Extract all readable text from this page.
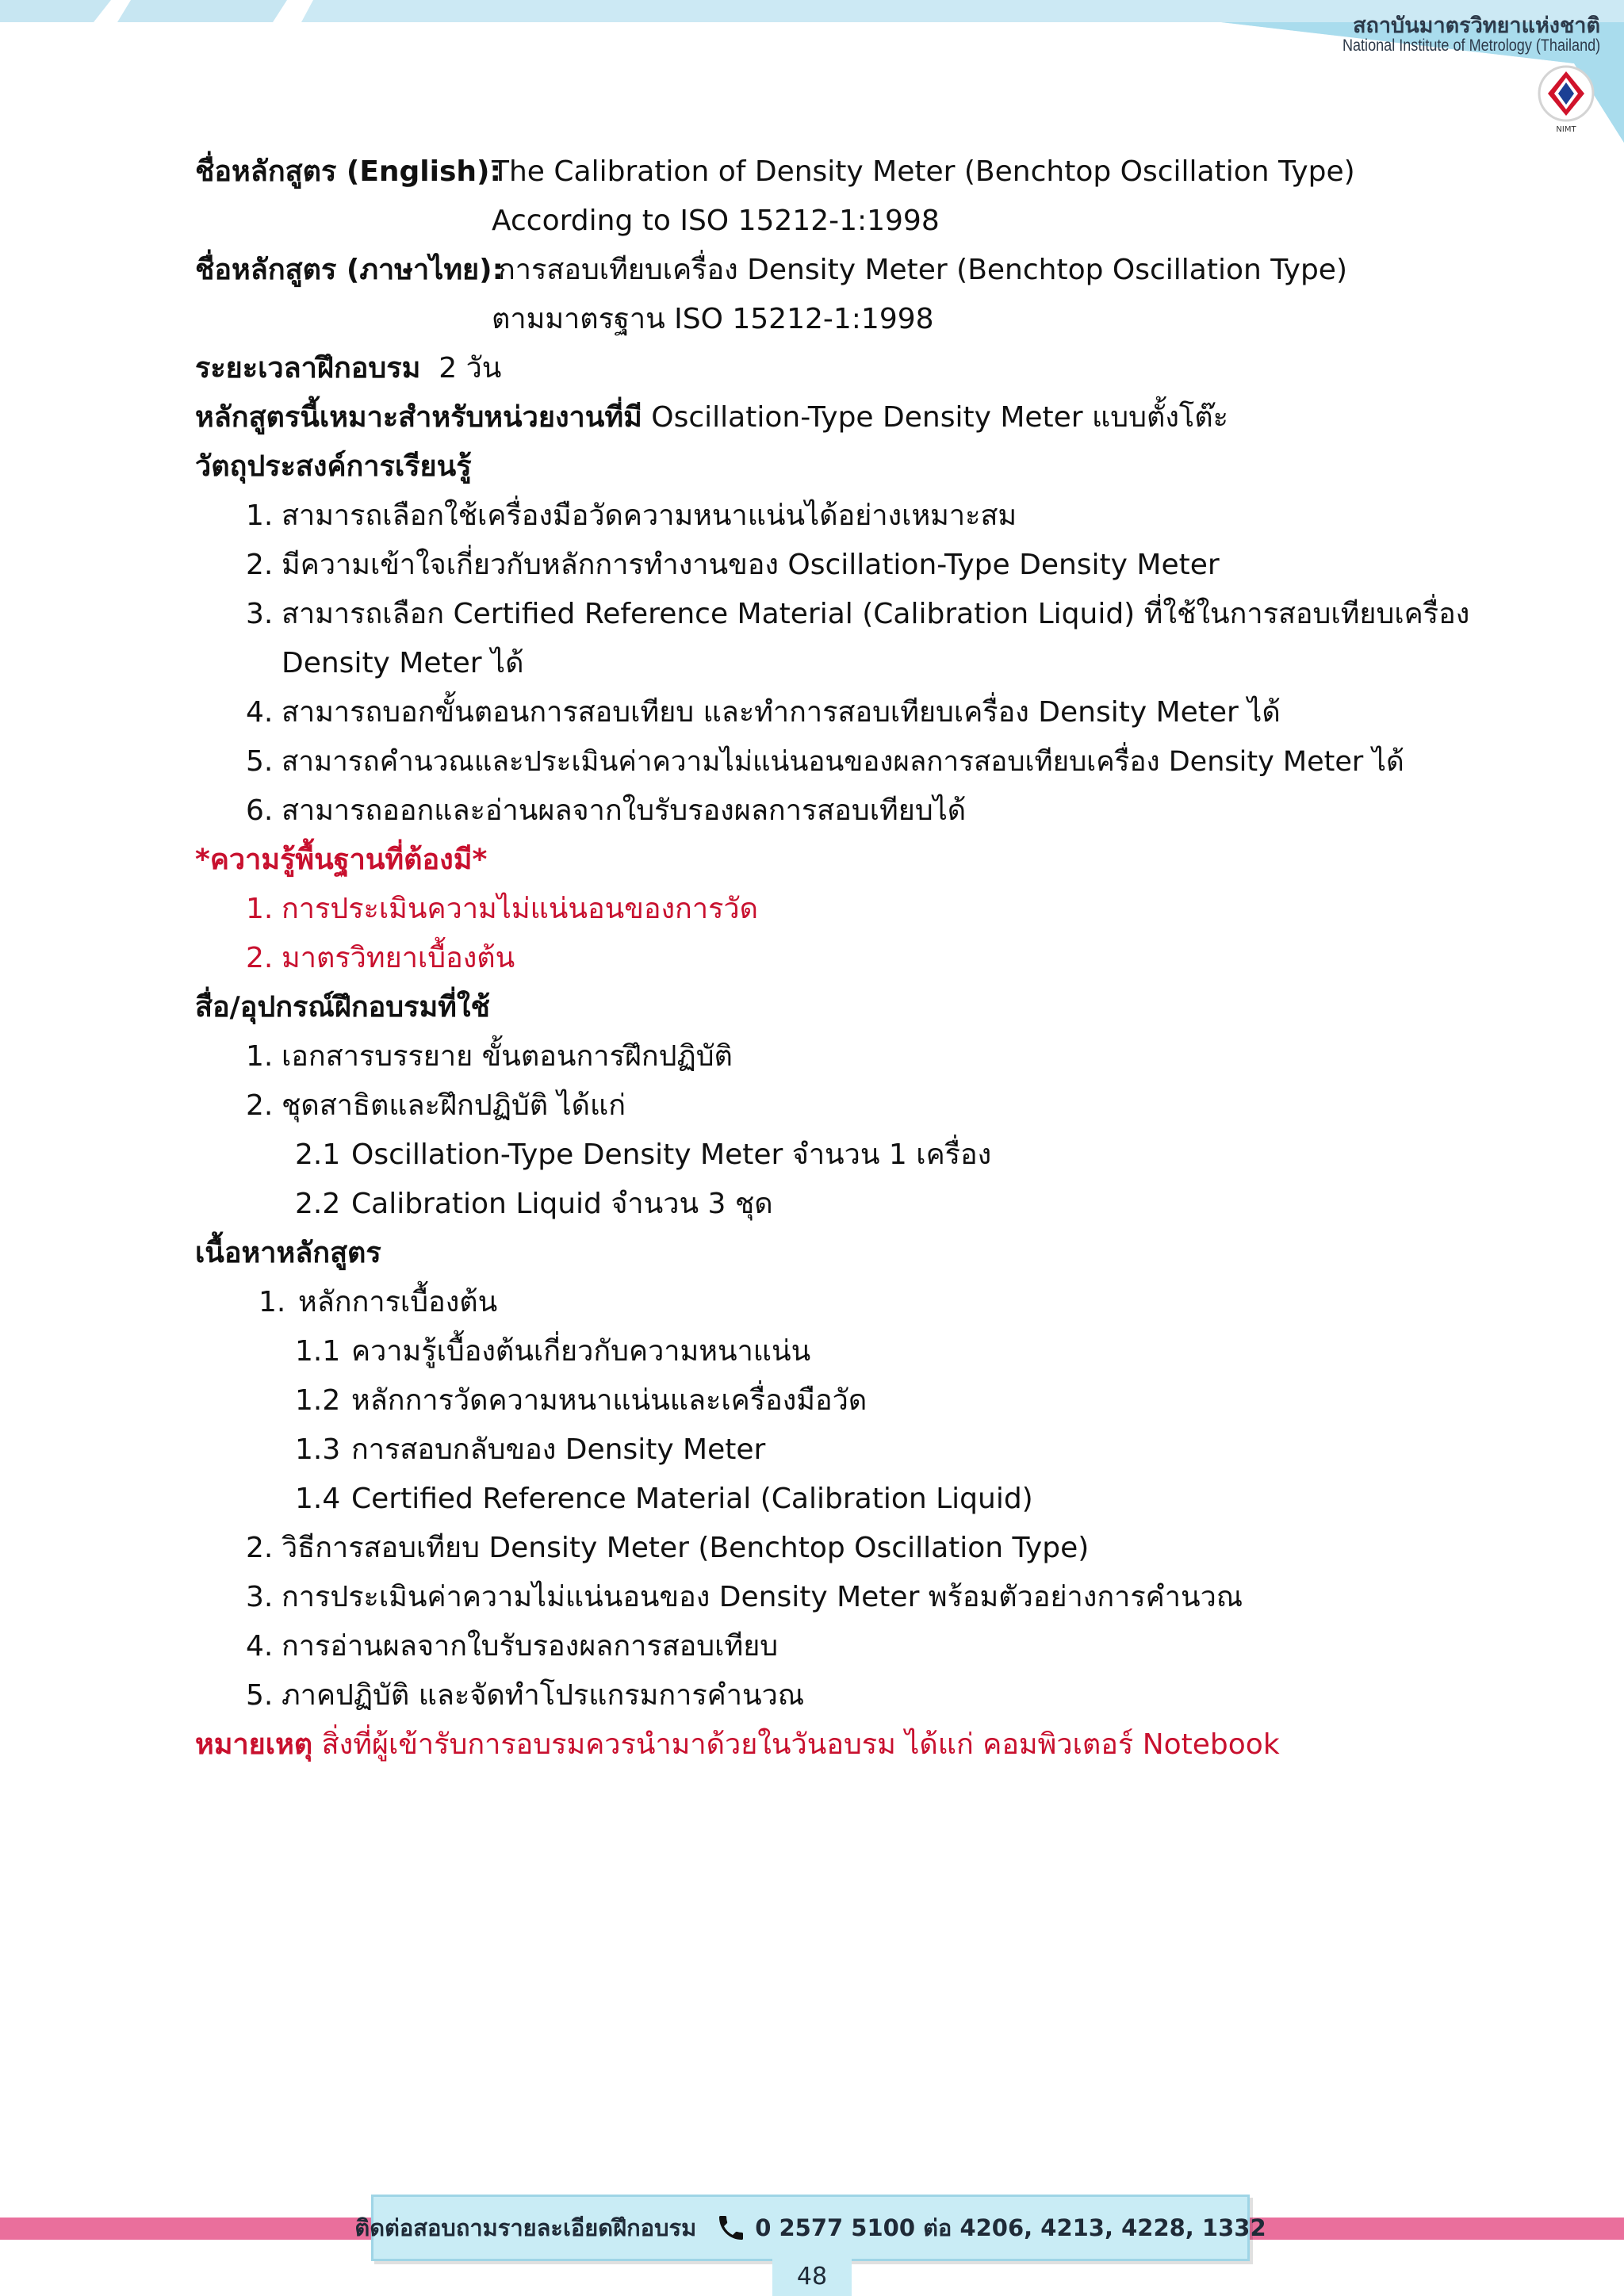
สถาบันมาตรวิทยาแห่งชาติ
National Institute of Metrology (Thailand)
NIMT
ชื่อหลักสูตร (English):
The Calibration of Density Meter (Benchtop Oscillation Type)
According to ISO 15212-1:1998
ชื่อหลักสูตร (ภาษาไทย):
การสอบเทียบเครื่อง Density Meter (Benchtop Oscillation Type)
ตามมาตรฐาน ISO 15212-1:1998
ระยะเวลาฝึกอบรม 2 วัน
หลักสูตรนี้เหมาะสำหรับหน่วยงานที่มี Oscillation-Type Density Meter แบบตั้งโต๊ะ
วัตถุประสงค์การเรียนรู้
1. สามารถเลือกใช้เครื่องมือวัดความหนาแน่นได้อย่างเหมาะสม
2. มีความเข้าใจเกี่ยวกับหลักการทำงานของ Oscillation-Type Density Meter
3. สามารถเลือก Certified Reference Material (Calibration Liquid) ที่ใช้ในการสอบเทียบเครื่อง
Density Meter ได้
4. สามารถบอกขั้นตอนการสอบเทียบ และทำการสอบเทียบเครื่อง Density Meter ได้
5. สามารถคำนวณและประเมินค่าความไม่แน่นอนของผลการสอบเทียบเครื่อง Density Meter ได้
6. สามารถออกและอ่านผลจากใบรับรองผลการสอบเทียบได้
*ความรู้พื้นฐานที่ต้องมี*
1. การประเมินความไม่แน่นอนของการวัด
2. มาตรวิทยาเบื้องต้น
สื่อ/อุปกรณ์ฝึกอบรมที่ใช้
1. เอกสารบรรยาย ขั้นตอนการฝึกปฏิบัติ
2. ชุดสาธิตและฝึกปฏิบัติ ได้แก่
2.1 Oscillation-Type Density Meter จำนวน 1 เครื่อง
2.2 Calibration Liquid จำนวน 3 ชุด
เนื้อหาหลักสูตร
1. หลักการเบื้องต้น
1.1 ความรู้เบื้องต้นเกี่ยวกับความหนาแน่น
1.2 หลักการวัดความหนาแน่นและเครื่องมือวัด
1.3 การสอบกลับของ Density Meter
1.4 Certified Reference Material (Calibration Liquid)
2. วิธีการสอบเทียบ Density Meter (Benchtop Oscillation Type)
3. การประเมินค่าความไม่แน่นอนของ Density Meter พร้อมตัวอย่างการคำนวณ
4. การอ่านผลจากใบรับรองผลการสอบเทียบ
5. ภาคปฏิบัติ และจัดทำโปรแกรมการคำนวณ
หมายเหตุ สิ่งที่ผู้เข้ารับการอบรมควรนำมาด้วยในวันอบรม ได้แก่ คอมพิวเตอร์ Notebook
ติดต่อสอบถามรายละเอียดฝึกอบรม	0 2577 5100 ต่อ 4206, 4213, 4228, 1332
48
